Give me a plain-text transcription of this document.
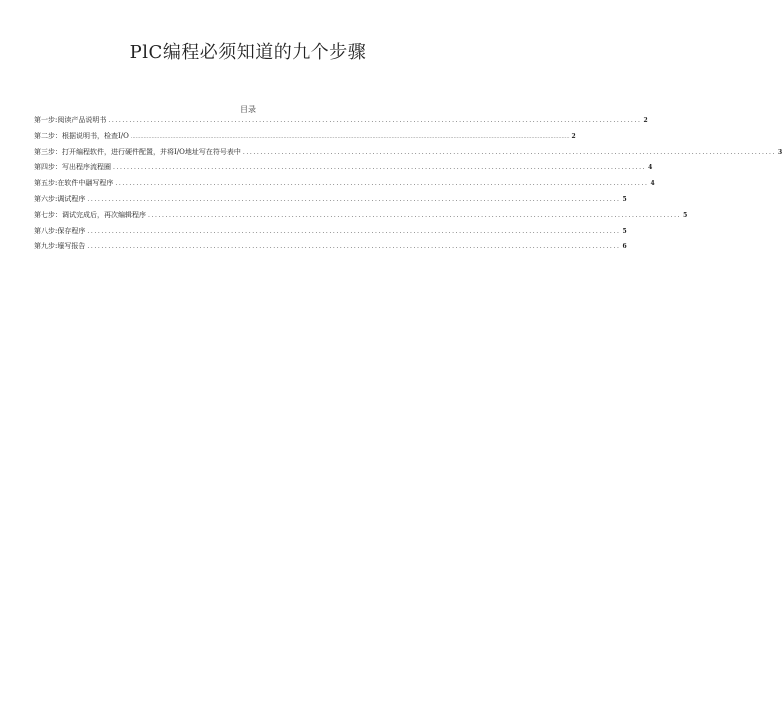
PlC编程必须知道的九个步骤
目录
第一步:阅读产品说明书 ........................................................................................................................................................ 2
第二步：根据说明书，检查I/O .................................................................................................................................................................................................................................................................................... 2
第三步：打开编程软件，进行硬件配置，并将I/O地址写在符号表中 ........................................................................................................................................................ 3
第四步：写出程序流程圈 ........................................................................................................................................................ 4
第五步:在软件中翮写程序 ........................................................................................................................................................ 4
第六步:调试程序 ........................................................................................................................................................ 5
第七步：调试完成后，再次编辑程序 ........................................................................................................................................................ 5
第八步:保存程序 ........................................................................................................................................................ 5
第九步:壕写报告 ........................................................................................................................................................ 6
